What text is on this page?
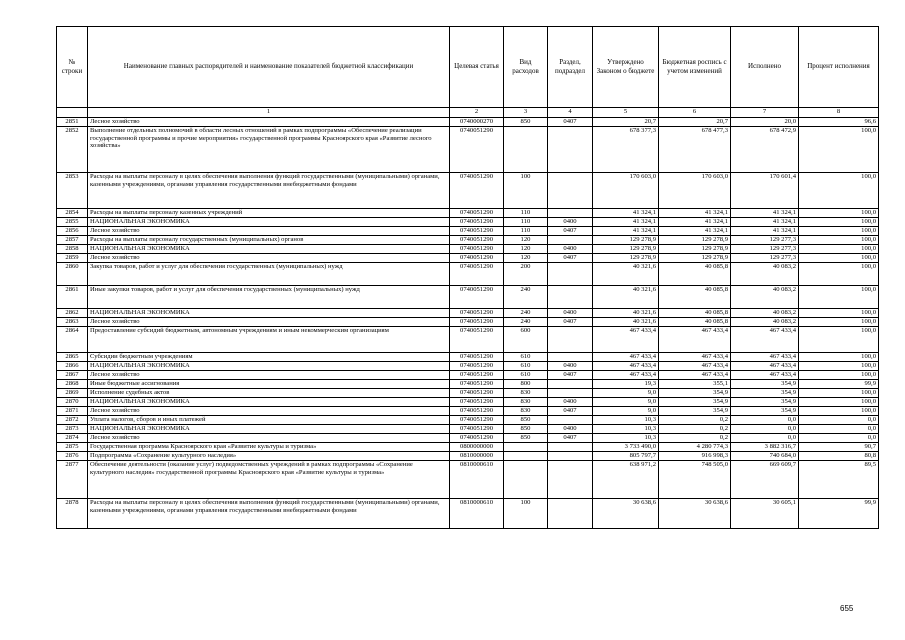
№ строки	Наименование главных распорядителей и наименование показателей бюджетной классификации	Целевая статья	Вид расходов	Раздел, подраздел	Утверждено Законом о бюджете	Бюджетная роспись с учетом изменений	Исполнено	Процент исполнения
	1	2	3	4	5	6	7	8
2851	Лесное хозяйство	0740000270	850	0407	20,7	20,7	20,0	96,6
2852	Выполнение отдельных полномочий в области лесных отношений в рамках подпрограммы «Обеспечение реализации государственной программы и прочие мероприятия» государственной программы Красноярского края «Развитие лесного хозяйства»	0740051290			678 377,3	678 477,3	678 472,9	100,0
2853	Расходы на выплаты персоналу в целях обеспечения выполнения функций государственными (муниципальными) органами, казенными учреждениями, органами управления государственными внебюджетными фондами	0740051290	100		170 603,0	170 603,0	170 601,4	100,0
2854	Расходы на выплаты персоналу казенных учреждений	0740051290	110		41 324,1	41 324,1	41 324,1	100,0
2855	НАЦИОНАЛЬНАЯ ЭКОНОМИКА	0740051290	110	0400	41 324,1	41 324,1	41 324,1	100,0
2856	Лесное хозяйство	0740051290	110	0407	41 324,1	41 324,1	41 324,1	100,0
2857	Расходы на выплаты персоналу государственных (муниципальных) органов	0740051290	120		129 278,9	129 278,9	129 277,3	100,0
2858	НАЦИОНАЛЬНАЯ ЭКОНОМИКА	0740051290	120	0400	129 278,9	129 278,9	129 277,3	100,0
2859	Лесное хозяйство	0740051290	120	0407	129 278,9	129 278,9	129 277,3	100,0
2860	Закупка товаров, работ и услуг для обеспечения государственных (муниципальных) нужд	0740051290	200		40 321,6	40 085,8	40 083,2	100,0
2861	Иные закупки товаров, работ и услуг для обеспечения государственных (муниципальных) нужд	0740051290	240		40 321,6	40 085,8	40 083,2	100,0
2862	НАЦИОНАЛЬНАЯ ЭКОНОМИКА	0740051290	240	0400	40 321,6	40 085,8	40 083,2	100,0
2863	Лесное хозяйство	0740051290	240	0407	40 321,6	40 085,8	40 083,2	100,0
2864	Предоставление субсидий бюджетным, автономным учреждениям и иным некоммерческим организациям	0740051290	600		467 433,4	467 433,4	467 433,4	100,0
2865	Субсидии бюджетным учреждениям	0740051290	610		467 433,4	467 433,4	467 433,4	100,0
2866	НАЦИОНАЛЬНАЯ ЭКОНОМИКА	0740051290	610	0400	467 433,4	467 433,4	467 433,4	100,0
2867	Лесное хозяйство	0740051290	610	0407	467 433,4	467 433,4	467 433,4	100,0
2868	Иные бюджетные ассигнования	0740051290	800		19,3	355,1	354,9	99,9
2869	Исполнение судебных актов	0740051290	830		9,0	354,9	354,9	100,0
2870	НАЦИОНАЛЬНАЯ ЭКОНОМИКА	0740051290	830	0400	9,0	354,9	354,9	100,0
2871	Лесное хозяйство	0740051290	830	0407	9,0	354,9	354,9	100,0
2872	Уплата налогов, сборов и иных платежей	0740051290	850		10,3	0,2	0,0	0,0
2873	НАЦИОНАЛЬНАЯ ЭКОНОМИКА	0740051290	850	0400	10,3	0,2	0,0	0,0
2874	Лесное хозяйство	0740051290	850	0407	10,3	0,2	0,0	0,0
2875	Государственная программа Красноярского края «Развитие культуры и туризма»	0800000000			3 733 490,0	4 280 774,3	3 882 316,7	90,7
2876	Подпрограмма «Сохранение культурного наследия»	0810000000			805 797,7	916 998,3	740 684,0	80,8
2877	Обеспечение деятельности (оказание услуг) подведомственных учреждений в рамках подпрограммы «Сохранение культурного наследия» государственной программы Красноярского края «Развитие культуры и туризма»	0810000610			638 971,2	748 505,0	669 609,7	89,5
2878	Расходы на выплаты персоналу в целях обеспечения выполнения функций государственными (муниципальными) органами, казенными учреждениями, органами управления государственными внебюджетными фондами	0810000610	100		30 638,6	30 638,6	30 605,1	99,9
655
